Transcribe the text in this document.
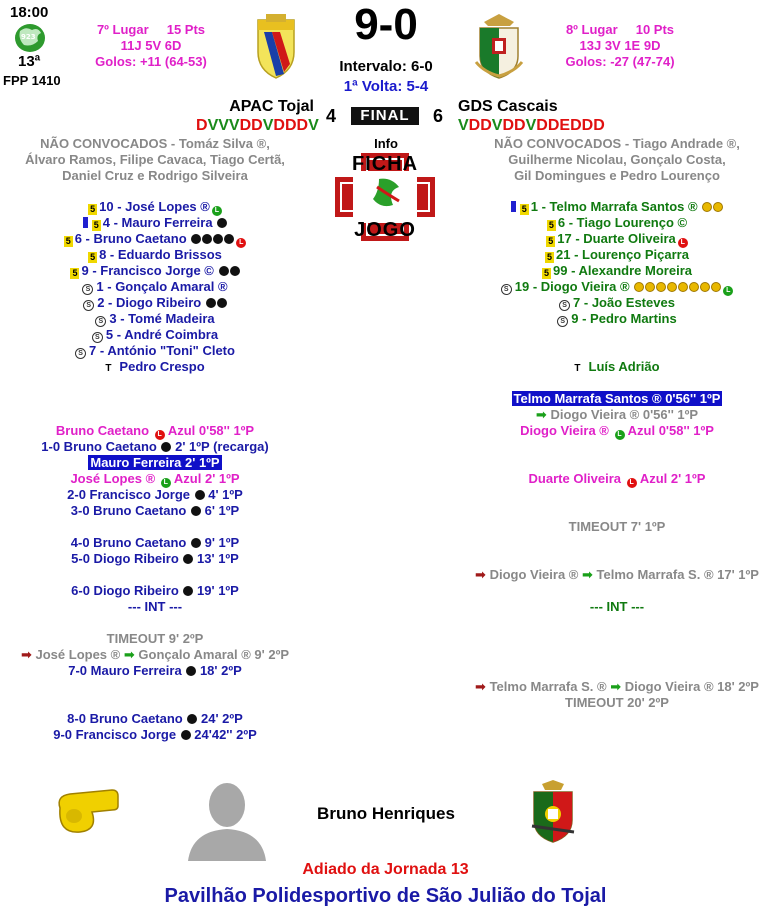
18:00
923
13ª
FPP 1410
7º Lugar 15 Pts
11J 5V 6D
Golos: +11 (64-53)
9-0
Intervalo: 6-0
1ª Volta: 5-4
8º Lugar 10 Pts
13J 3V 1E 9D
Golos: -27 (47-74)
APAC Tojal 4	FINAL	6 GDS Cascais
DVVVDDVDDDV	VDDVDDVDDEDDD
NÃO CONVOCADOS - Tomáz Silva ®,
Álvaro Ramos, Filipe Cavaca, Tiago Certã,
Daniel Cruz e Rodrigo Silveira
NÃO CONVOCADOS - Tiago Andrade ®,
Guilherme Nicolau, Gonçalo Costa,
Gil Domingues e Pedro Lourenço
Info
FICHA
JOGO
5 10 - José Lopes ® L
5 4 - Mauro Ferreira
5 6 - Bruno Caetano	L
5 8 - Eduardo Brissos
5 9 - Francisco Jorge ©
S 1 - Gonçalo Amaral ®
S 2 - Diogo Ribeiro
S 3 - Tomé Madeira
S 5 - André Coimbra
S 7 - António "Toni" Cleto
T Pedro Crespo
5 1 - Telmo Marrafa Santos ®
5 6 - Tiago Lourenço ©
5 17 - Duarte Oliveira L
5 21 - Lourenço Piçarra
5 99 - Alexandre Moreira
S 19 - Diogo Vieira ®	L
S 7 - João Esteves
S 9 - Pedro Martins
T Luís Adrião
Bruno Caetano L Azul 0'58'' 1ºP
1-0 Bruno Caetano 2' 1ºP (recarga)
Mauro Ferreira 2' 1ºP
José Lopes ® L Azul 2' 1ºP
2-0 Francisco Jorge 4' 1ºP
3-0 Bruno Caetano 6' 1ºP
4-0 Bruno Caetano 9' 1ºP
5-0 Diogo Ribeiro 13' 1ºP
6-0 Diogo Ribeiro 19' 1ºP
--- INT ---
TIMEOUT 9' 2ºP
➡ José Lopes ® ➡ Gonçalo Amaral ® 9' 2ºP
7-0 Mauro Ferreira 18' 2ºP
8-0 Bruno Caetano 24' 2ºP
9-0 Francisco Jorge 24'42'' 2ºP
Telmo Marrafa Santos ® 0'56'' 1ºP
➡ Diogo Vieira ® 0'56'' 1ºP
Diogo Vieira ® L Azul 0'58'' 1ºP
Duarte Oliveira L Azul 2' 1ºP
TIMEOUT 7' 1ºP
➡ Diogo Vieira ® ➡ Telmo Marrafa S. ® 17' 1ºP
--- INT ---
➡ Telmo Marrafa S. ® ➡ Diogo Vieira ® 18' 2ºP
TIMEOUT 20' 2ºP
Bruno Henriques
Adiado da Jornada 13
Pavilhão Polidesportivo de São Julião do Tojal
